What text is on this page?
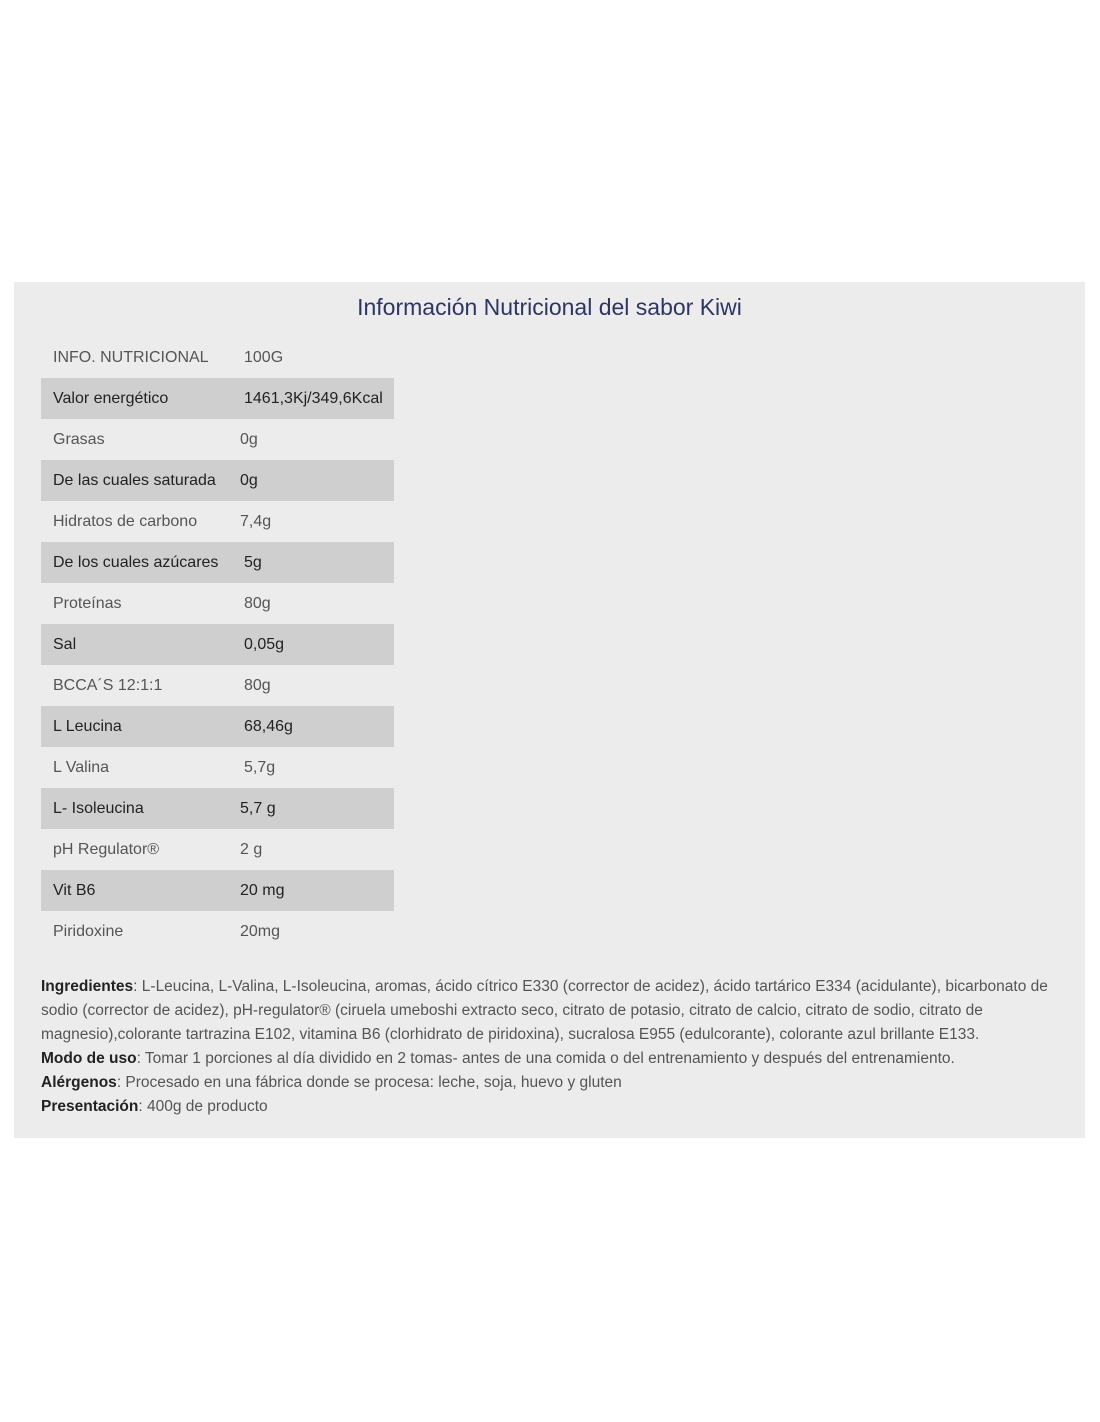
Información Nutricional del sabor Kiwi
INFO. NUTRICIONAL 100G
Valor energético	1461,3Kj/349,6Kcal
Grasas	0g
De las cuales saturada 0g
Hidratos de carbono	7,4g
De los cuales azúcares 5g
Proteínas	80g
Sal	0,05g
BCCA´S 12:1:1	80g
L Leucina	68,46g
L Valina	5,7g
L- Isoleucina	5,7 g
pH Regulator®	2 g
Vit B6	20 mg
Piridoxine	20mg

Ingredientes: L-Leucina, L-Valina, L-Isoleucina, aromas, ácido cítrico E330 (corrector de acidez), ácido tartárico E334 (acidulante), bicarbonato de sodio (corrector de acidez), pH-regulator® (ciruela umeboshi extracto seco, citrato de potasio, citrato de calcio, citrato de sodio, citrato de magnesio),colorante tartrazina E102, vitamina B6 (clorhidrato de piridoxina), sucralosa E955 (edulcorante), colorante azul brillante E133.

Modo de uso: Tomar 1 porciones al día dividido en 2 tomas- antes de una comida o del entrenamiento y después del entrenamiento.

Alérgenos: Procesado en una fábrica donde se procesa: leche, soja, huevo y gluten

Presentación: 400g de producto
